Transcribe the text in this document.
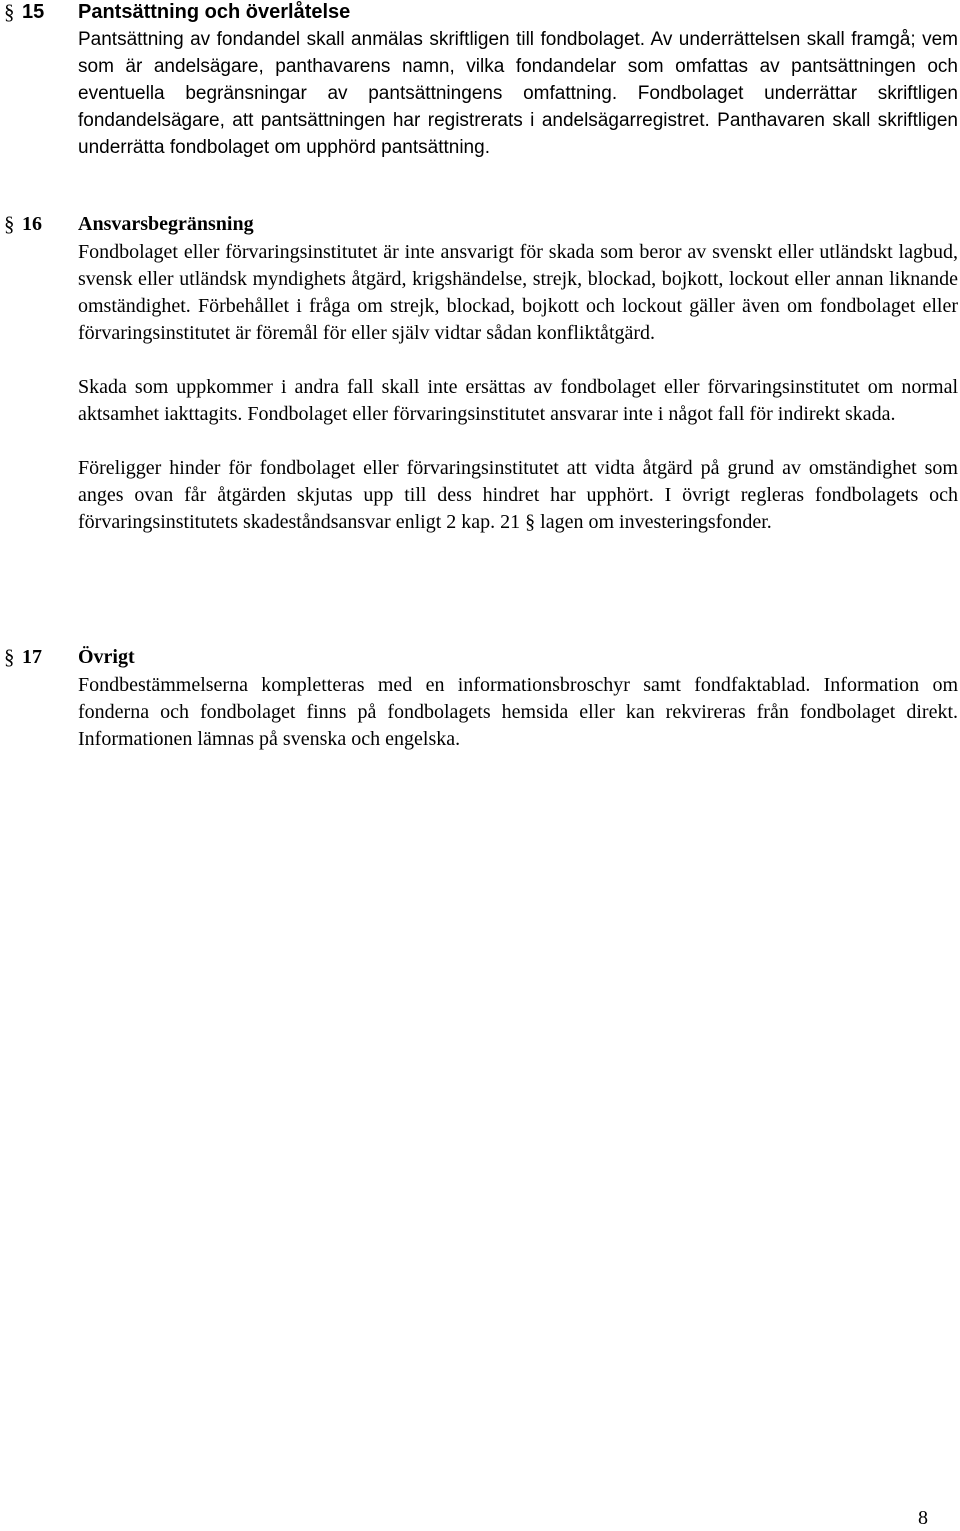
§ 15 Pantsättning och överlåtelse

Pantsättning av fondandel skall anmälas skriftligen till fondbolaget. Av underrättelsen skall framgå; vem som är andelsägare, panthavarens namn, vilka fondandelar som omfattas av pantsättningen och eventuella begränsningar av pantsättningens omfattning. Fondbolaget underrättar skriftligen fondandelsägare, att pantsättningen har registrerats i andelsägarregistret. Panthavaren skall skriftligen underrätta fondbolaget om upphörd pantsättning.

§ 16 Ansvarsbegränsning

Fondbolaget eller förvaringsinstitutet är inte ansvarigt för skada som beror av svenskt eller utländskt lagbud, svensk eller utländsk myndighets åtgärd, krigshändelse, strejk, blockad, bojkott, lockout eller annan liknande omständighet. Förbehållet i fråga om strejk, blockad, bojkott och lockout gäller även om fondbolaget eller förvaringsinstitutet är föremål för eller själv vidtar sådan konfliktåtgärd.

Skada som uppkommer i andra fall skall inte ersättas av fondbolaget eller förvaringsinstitutet om normal aktsamhet iakttagits. Fondbolaget eller förvaringsinstitutet ansvarar inte i något fall för indirekt skada.

Föreligger hinder för fondbolaget eller förvaringsinstitutet att vidta åtgärd på grund av omständighet som anges ovan får åtgärden skjutas upp till dess hindret har upphört. I övrigt regleras fondbolagets och förvaringsinstitutets skadeståndsansvar enligt 2 kap. 21 § lagen om investeringsfonder.

§ 17 Övrigt

Fondbestämmelserna kompletteras med en informationsbroschyr samt fondfaktablad. Information om fonderna och fondbolaget finns på fondbolagets hemsida eller kan rekvireras från fondbolaget direkt. Informationen lämnas på svenska och engelska.

8
